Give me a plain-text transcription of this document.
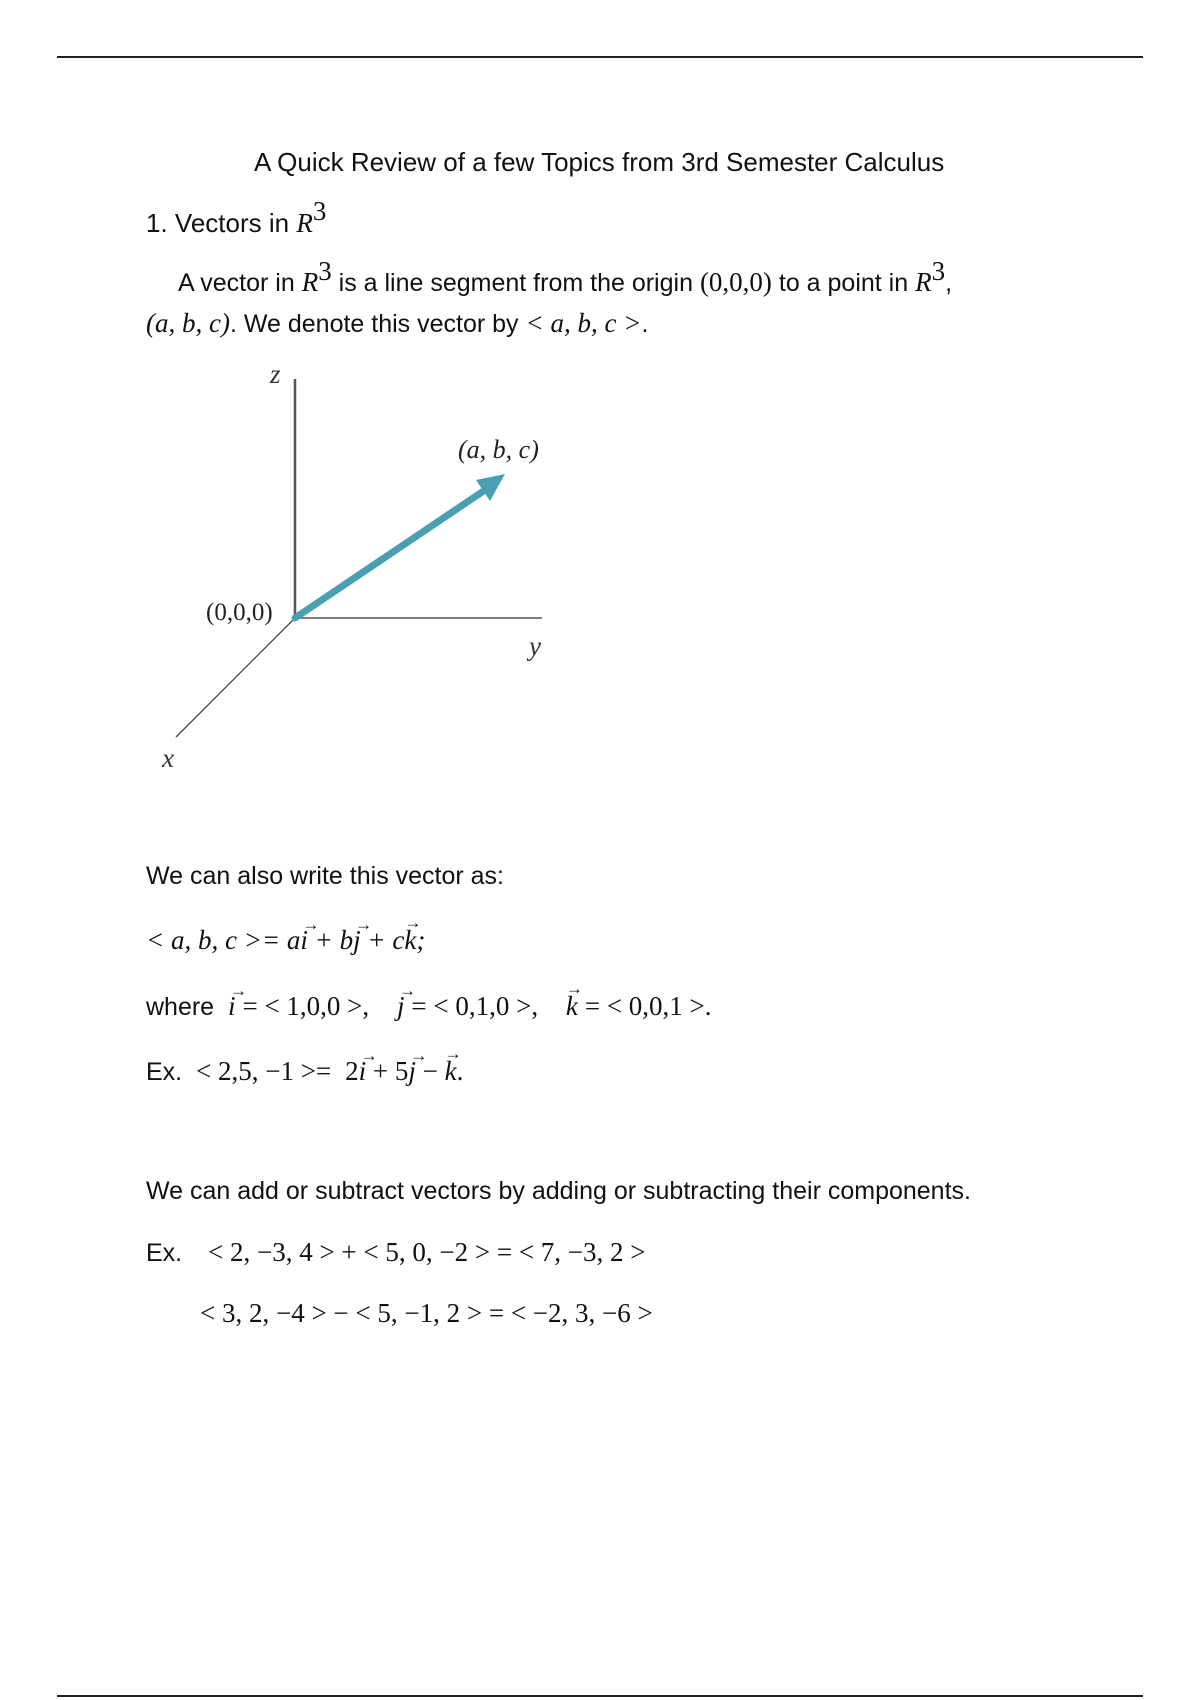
A Quick Review of a few Topics from 3rd Semester Calculus
1. Vectors in $R^3$
A vector in $R^3$ is a line segment from the origin (0,0,0) to a point in $R^3$,
(a, b, c). We denote this vector by < a, b, c >.
z
y
x
(0,0,0)
(a, b, c)
We can also write this vector as:
< a, b, c >= a→ i + b→ j + c→ k;
where → i = < 1,0,0 >, → j = < 0,1,0 >, → k = < 0,0,1 >.
Ex. < 2,5, −1 >= 2→ i + 5→ j − → k.
We can add or subtract vectors by adding or subtracting their components.
Ex. < 2, −3, 4 > + < 5, 0, −2 > = < 7, −3, 2 >
< 3, 2, −4 > − < 5, −1, 2 > = < −2, 3, −6 >
